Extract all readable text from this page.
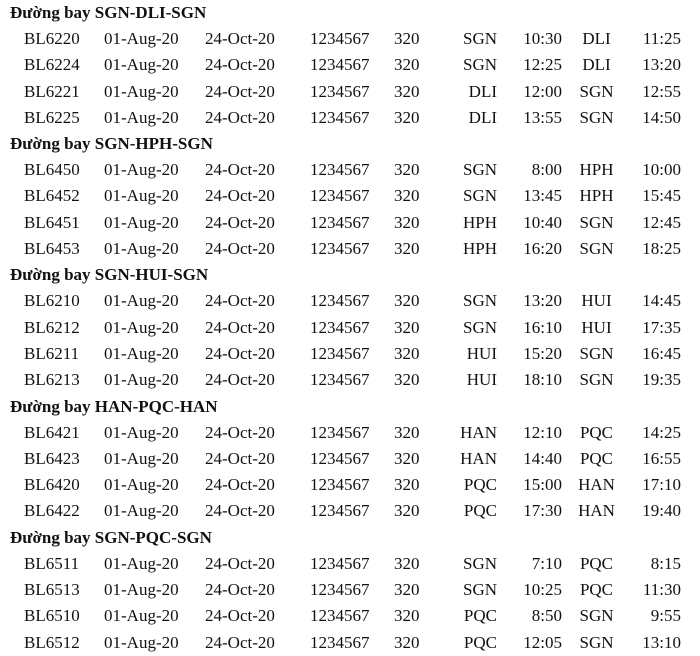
Đường bay SGN-DLI-SGN
BL6220 01-Aug-20 24-Oct-20 1234567 320	SGN	10:30	DLI	11:25
BL6224 01-Aug-20 24-Oct-20 1234567 320	SGN	12:25	DLI	13:20
BL6221 01-Aug-20 24-Oct-20 1234567 320	DLI	12:00	SGN	12:55
BL6225 01-Aug-20 24-Oct-20 1234567 320	DLI	13:55	SGN	14:50
Đường bay SGN-HPH-SGN
BL6450 01-Aug-20 24-Oct-20 1234567 320	SGN	8:00	HPH	10:00
BL6452 01-Aug-20 24-Oct-20 1234567 320	SGN	13:45	HPH	15:45
BL6451 01-Aug-20 24-Oct-20 1234567 320	HPH	10:40	SGN	12:45
BL6453 01-Aug-20 24-Oct-20 1234567 320	HPH	16:20	SGN	18:25
Đường bay SGN-HUI-SGN
BL6210 01-Aug-20 24-Oct-20 1234567 320	SGN	13:20	HUI	14:45
BL6212 01-Aug-20 24-Oct-20 1234567 320	SGN	16:10	HUI	17:35
BL6211 01-Aug-20 24-Oct-20 1234567 320	HUI	15:20	SGN	16:45
BL6213 01-Aug-20 24-Oct-20 1234567 320	HUI	18:10	SGN	19:35
Đường bay HAN-PQC-HAN
BL6421 01-Aug-20 24-Oct-20 1234567 320	HAN	12:10	PQC	14:25
BL6423 01-Aug-20 24-Oct-20 1234567 320	HAN	14:40	PQC	16:55
BL6420 01-Aug-20 24-Oct-20 1234567 320	PQC	15:00 HAN	17:10
BL6422 01-Aug-20 24-Oct-20 1234567 320	PQC	17:30 HAN	19:40
Đường bay SGN-PQC-SGN
BL6511 01-Aug-20 24-Oct-20 1234567 320	SGN	7:10	PQC	8:15
BL6513 01-Aug-20 24-Oct-20 1234567 320	SGN	10:25	PQC	11:30
BL6510 01-Aug-20 24-Oct-20 1234567 320	PQC	8:50	SGN	9:55
BL6512 01-Aug-20 24-Oct-20 1234567 320	PQC	12:05	SGN	13:10
